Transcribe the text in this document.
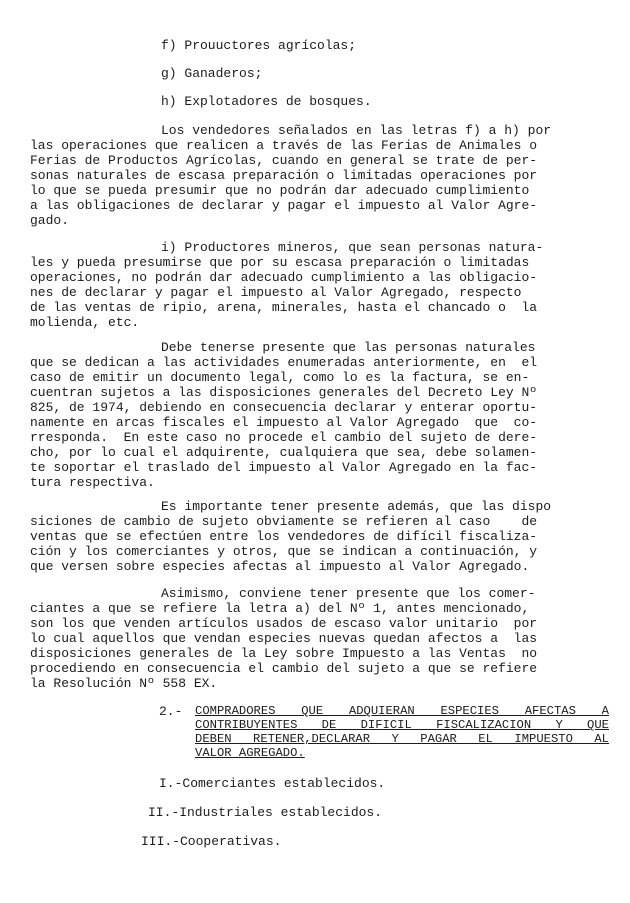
f) Prouuctores agrícolas;
g) Ganaderos;
h) Explotadores de bosques.
Los vendedores señalados en las letras f) a h) por
las operaciones que realicen a través de las Ferias de Animales o
Ferias de Productos Agrícolas, cuando en general se trate de per-
sonas naturales de escasa preparación o limitadas operaciones por
lo que se pueda presumir que no podrán dar adecuado cumplimiento
a las obligaciones de declarar y pagar el impuesto al Valor Agre-
gado.
i) Productores mineros, que sean personas natura-
les y pueda presumirse que por su escasa preparación o limitadas
operaciones, no podrán dar adecuado cumplimiento a las obligacio-
nes de declarar y pagar el impuesto al Valor Agregado, respecto
de las ventas de ripio, arena, minerales, hasta el chancado o  la
molienda, etc.
Debe tenerse presente que las personas naturales
que se dedican a las actividades enumeradas anteriormente, en  el
caso de emitir un documento legal, como lo es la factura, se en-
cuentran sujetos a las disposiciones generales del Decreto Ley Nº
825, de 1974, debiendo en consecuencia declarar y enterar oportu-
namente en arcas fiscales el impuesto al Valor Agregado  que  co-
rresponda.  En este caso no procede el cambio del sujeto de dere-
cho, por lo cual el adquirente, cualquiera que sea, debe solamen-
te soportar el traslado del impuesto al Valor Agregado en la fac-
tura respectiva.
Es importante tener presente además, que las dispo
siciones de cambio de sujeto obviamente se refieren al caso    de
ventas que se efectúen entre los vendedores de difícil fiscaliza-
ción y los comerciantes y otros, que se indican a continuación, y
que versen sobre especies afectas al impuesto al Valor Agregado.
Asimismo, conviene tener presente que los comer-
ciantes a que se refiere la letra a) del Nº 1, antes mencionado,
son los que venden artículos usados de escaso valor unitario  por
lo cual aquellos que vendan especies nuevas quedan afectos a  las
disposiciones generales de la Ley sobre Impuesto a las Ventas  no
procediendo en consecuencia el cambio del sujeto a que se refiere
la Resolución Nº 558 EX.
2.- COMPRADORES QUE ADQUIERAN ESPECIES AFECTAS A
CONTRIBUYENTES DE DIFICIL FISCALIZACION Y QUE
DEBEN RETENER,DECLARAR Y PAGAR EL IMPUESTO AL
VALOR AGREGADO.
I.-Comerciantes establecidos.
II.-Industriales establecidos.
III.-Cooperativas.
